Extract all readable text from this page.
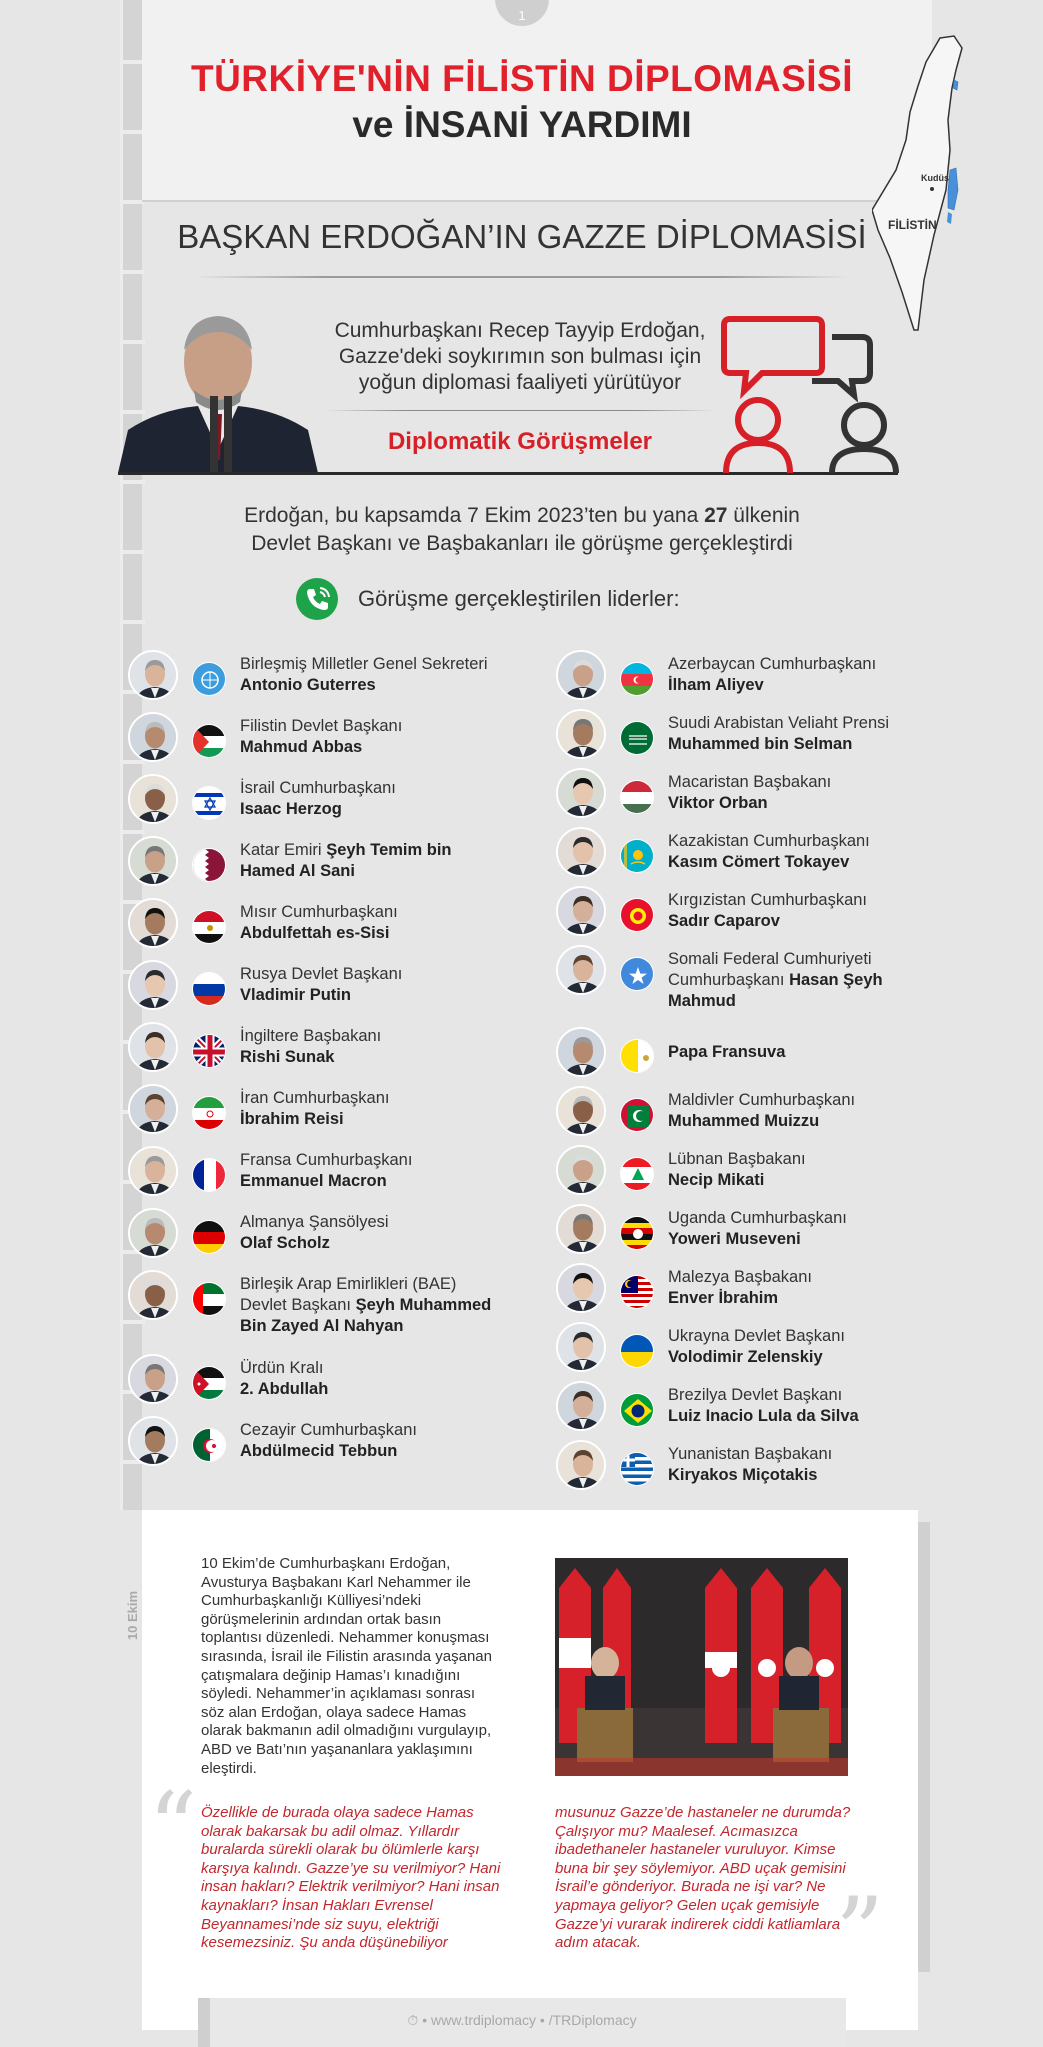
1
TÜRKİYE'NİN FİLİSTİN DİPLOMASİSİ
ve İNSANİ YARDIMI
Kudüs
FİLİSTİN
BAŞKAN ERDOĞAN’IN GAZZE DİPLOMASİSİ
Cumhurbaşkanı Recep Tayyip Erdoğan,
Gazze'deki soykırımın son bulması için
yoğun diplomasi faaliyeti yürütüyor
Diplomatik Görüşmeler
Erdoğan, bu kapsamda 7 Ekim 2023’ten bu yana 27 ülkenin
Devlet Başkanı ve Başbakanları ile görüşme gerçekleştirdi
Görüşme gerçekleştirilen liderler:
Birleşmiş Milletler Genel Sekreteri
Antonio Guterres
Filistin Devlet Başkanı
Mahmud Abbas
İsrail Cumhurbaşkanı
Isaac Herzog
Katar Emiri Şeyh Temim bin
Hamed Al Sani
Mısır Cumhurbaşkanı
Abdulfettah es-Sisi
Rusya Devlet Başkanı
Vladimir Putin
İngiltere Başbakanı
Rishi Sunak
İran Cumhurbaşkanı
İbrahim Reisi
Fransa Cumhurbaşkanı
Emmanuel Macron
Almanya Şansölyesi
Olaf Scholz
Birleşik Arap Emirlikleri (BAE)
Devlet Başkanı Şeyh Muhammed
Bin Zayed Al Nahyan
Ürdün Kralı
2. Abdullah
Cezayir Cumhurbaşkanı
Abdülmecid Tebbun
Azerbaycan Cumhurbaşkanı
İlham Aliyev
Suudi Arabistan Veliaht Prensi
Muhammed bin Selman
Macaristan Başbakanı
Viktor Orban
Kazakistan Cumhurbaşkanı
Kasım Cömert Tokayev
Kırgızistan Cumhurbaşkanı
Sadır Caparov
Somali Federal Cumhuriyeti
Cumhurbaşkanı Hasan Şeyh
Mahmud
Papa Fransuva
Maldivler Cumhurbaşkanı
Muhammed Muizzu
Lübnan Başbakanı
Necip Mikati
Uganda Cumhurbaşkanı
Yoweri Museveni
Malezya Başbakanı
Enver İbrahim
Ukrayna Devlet Başkanı
Volodimir Zelenskiy
Brezilya Devlet Başkanı
Luiz Inacio Lula da Silva
Yunanistan Başbakanı
Kiryakos Miçotakis
10 Ekim
10 Ekim’de Cumhurbaşkanı Erdoğan, Avusturya Başbakanı Karl Nehammer ile Cumhurbaşkanlığı Külliyesi’ndeki görüşmelerinin ardından ortak basın toplantısı düzenledi. Nehammer konuşması sırasında, İsrail ile Filistin arasında yaşanan çatışmalara değinip Hamas’ı kınadığını söyledi. Nehammer’in açıklaması sonrası söz alan Erdoğan, olaya sadece Hamas olarak bakmanın adil olmadığını vurgulayıp, ABD ve Batı’nın yaşananlara yaklaşımını eleştirdi.
“ Özellikle de burada olaya sadece Hamas olarak bakarsak bu adil olmaz. Yıllardır buralarda sürekli olarak bu ölümlerle karşı karşıya kalındı. Gazze’ye su verilmiyor? Hani insan hakları? Elektrik verilmiyor? Hani insan kaynakları? İnsan Hakları Evrensel Beyannamesi’nde siz suyu, elektriği kesemezsiniz. Şu anda düşünebiliyor
musunuz Gazze’de hastaneler ne durumda? Çalışıyor mu? Maalesef. Acımasızca ibadethaneler hastaneler vuruluyor. Kimse buna bir şey söylemiyor. ABD uçak gemisini İsrail’e gönderiyor. Burada ne işi var? Ne yapmaya geliyor? Gelen uçak gemisiyle Gazze’yi vurarak indirerek ciddi katliamlara adım atacak.	”
⏱ • www.trdiplomacy • /TRDiplomacy
